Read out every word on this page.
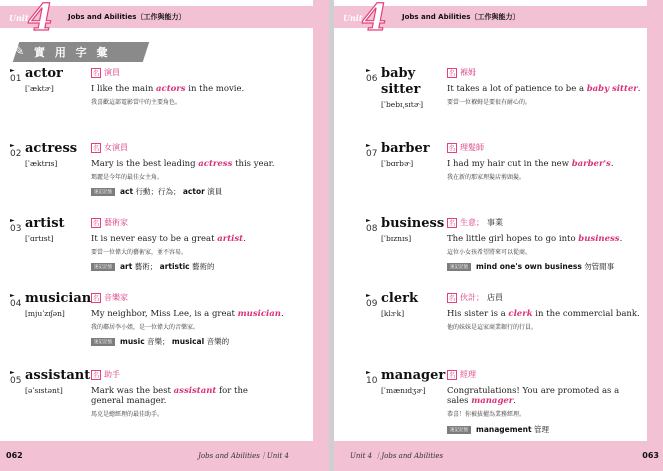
Unit 4 Jobs and Abilities〔工作與能力〕
✎ 實 用 字 彙
►
01 actor
[ˈæktɚ]
名 演員
I like the main actors in the movie.
我喜歡這部電影當中的主要角色。
►
02 actress
[ˈæktrɪs]
名 女演員
Mary is the best leading actress this year.
瑪麗是今年的最佳女主角。
速記記憶	act 行動；行為； actor 演員
►
03 artist
[ˈɑrtɪst]
名 藝術家
It is never easy to be a great artist.
要當一位偉大的藝術家，並不容易。
速記記憶	art 藝術； artistic 藝術的
►
04 musician
[mjuˈzɪʃən]
名 音樂家
My neighbor, Miss Lee, is a great musician.
我的鄰居李小姐，是一位偉大的音樂家。
速記記憶	music 音樂； musical 音樂的
►
05 assistant
[əˈsɪstənt]
名 助手
Mark was the best assistant for the general manager.
馬克是總經理的最佳助手。
062	Jobs and Abilities｜Unit 4
Unit 4 Jobs and Abilities〔工作與能力〕
►
06 baby sitter
[ˈbebɪ͵sɪtɚ]
名 褓姆
It takes a lot of patience to be a baby sitter.
要當一位褓姆是要很有耐心的。
►
07 barber
[ˈbɑrbɚ]
名 理髮師
I had my hair cut in the new barber's.
我在新的那家理髮店剪頭髮。
►
08 business
[ˈbɪznɪs]
名 生意； 事業
The little girl hopes to go into business.
這位小女孩希望將來可以從商。
速記記憶	mind one's own business 勿管閒事
►
09 clerk
[klɝk]
名 伙計； 店員
His sister is a clerk in the commercial bank.
他的妹妹是這家商業銀行的行員。
►
10 manager
[ˈmænɪdʒɚ]
名 經理
Congratulations! You are promoted as a sales manager.
恭喜！你被拔擢為業務經理。
速記記憶	management 管理
Unit 4 ｜Jobs and Abilities	063
